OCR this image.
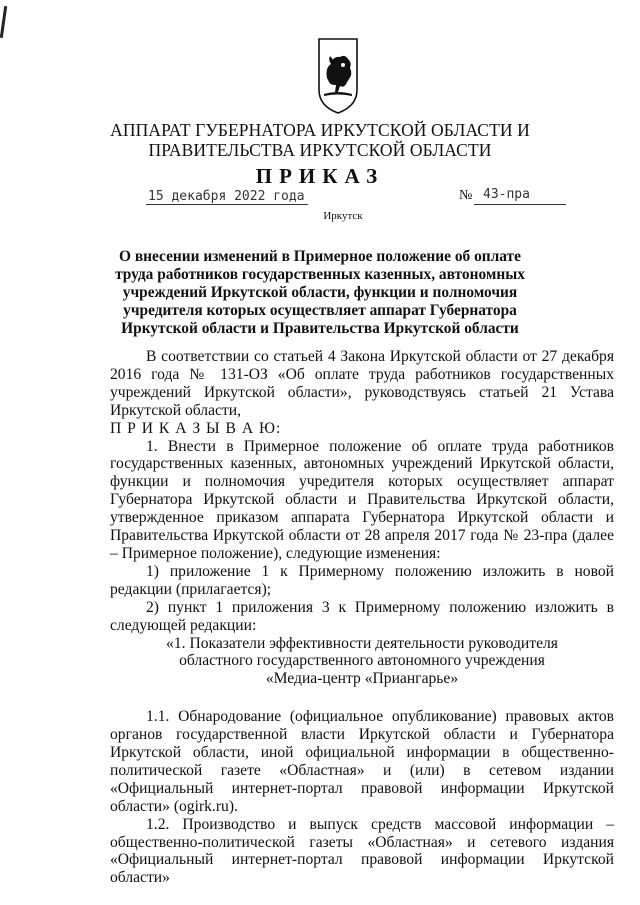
АППАРАТ ГУБЕРНАТОРА ИРКУТСКОЙ ОБЛАСТИ И
ПРАВИТЕЛЬСТВА ИРКУТСКОЙ ОБЛАСТИ
ПРИКАЗ
15 декабря 2022 года	№ 43-пра
Иркутск
О внесении изменений в Примерное положение об оплате труда работников государственных казенных, автономных учреждений Иркутской области, функции и полномочия учредителя которых осуществляет аппарат Губернатора Иркутской области и Правительства Иркутской области

В соответствии со статьей 4 Закона Иркутской области от 27 декабря 2016 года № 131-ОЗ «Об оплате труда работников государственных учреждений Иркутской области», руководствуясь статьей 21 Устава Иркутской области,

П Р И К А З Ы В А Ю:

1. Внести в Примерное положение об оплате труда работников государственных казенных, автономных учреждений Иркутской области, функции и полномочия учредителя которых осуществляет аппарат Губернатора Иркутской области и Правительства Иркутской области, утвержденное приказом аппарата Губернатора Иркутской области и Правительства Иркутской области от 28 апреля 2017 года № 23-пра (далее – Примерное положение), следующие изменения:

1) приложение 1 к Примерному положению изложить в новой редакции (прилагается);

2) пункт 1 приложения 3 к Примерному положению изложить в следующей редакции:

«1. Показатели эффективности деятельности руководителя

областного государственного автономного учреждения

«Медиа-центр «Приангарье»

1.1. Обнародование (официальное опубликование) правовых актов органов государственной власти Иркутской области и Губернатора Иркутской области, иной официальной информации в общественно-политической газете «Областная» и (или) в сетевом издании «Официальный интернет-портал правовой информации Иркутской области» (ogirk.ru).

1.2. Производство и выпуск средств массовой информации – общественно-политической газеты «Областная» и сетевого издания «Официальный интернет-портал правовой информации Иркутской области»
